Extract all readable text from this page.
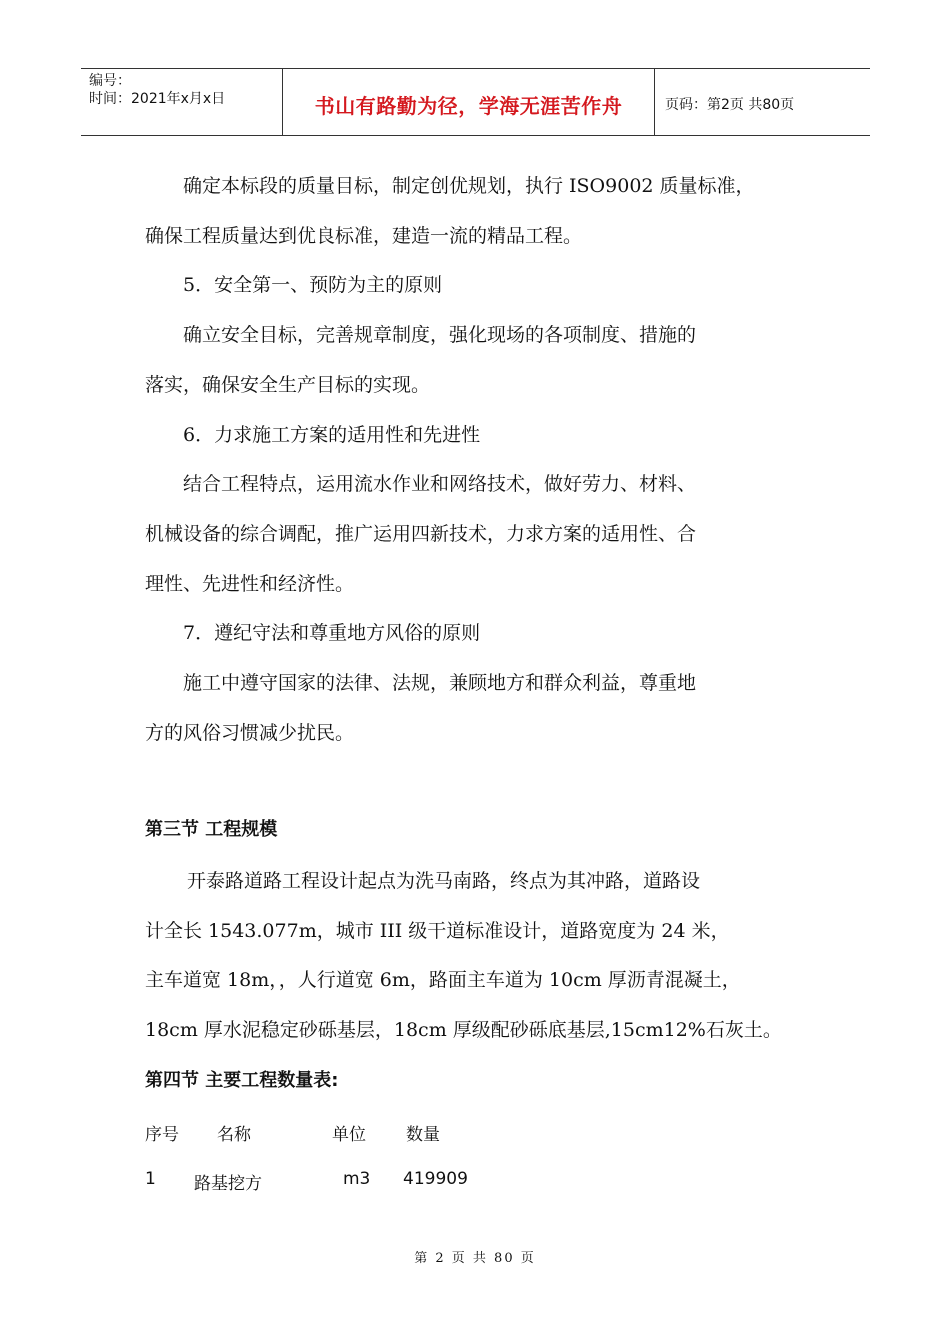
编号：
时间：2021年x月x日	书山有路勤为径，学海无涯苦作舟	页码：第2页 共80页

确定本标段的质量目标，制定创优规划，执行 ISO9002 质量标准，

确保工程质量达到优良标准，建造一流的精品工程。

5．安全第一、预防为主的原则

确立安全目标，完善规章制度，强化现场的各项制度、措施的

落实，确保安全生产目标的实现。

6．力求施工方案的适用性和先进性

结合工程特点，运用流水作业和网络技术，做好劳力、材料、

机械设备的综合调配，推广运用四新技术，力求方案的适用性、合

理性、先进性和经济性。

7．遵纪守法和尊重地方风俗的原则

施工中遵守国家的法律、法规，兼顾地方和群众利益，尊重地

方的风俗习惯减少扰民。

第三节 工程规模

开泰路道路工程设计起点为洗马南路，终点为其冲路，道路设

计全长 1543.077m，城市 III 级干道标准设计，道路宽度为 24 米，

主车道宽 18m，，人行道宽 6m，路面主车道为 10cm 厚沥青混凝土，

18cm 厚水泥稳定砂砾基层，18cm 厚级配砂砾底基层,15cm12%石灰土。

第四节 主要工程数量表:
序号 名称	单位 数量
1 路基挖方	m3 419909
第 2 页 共 80 页
